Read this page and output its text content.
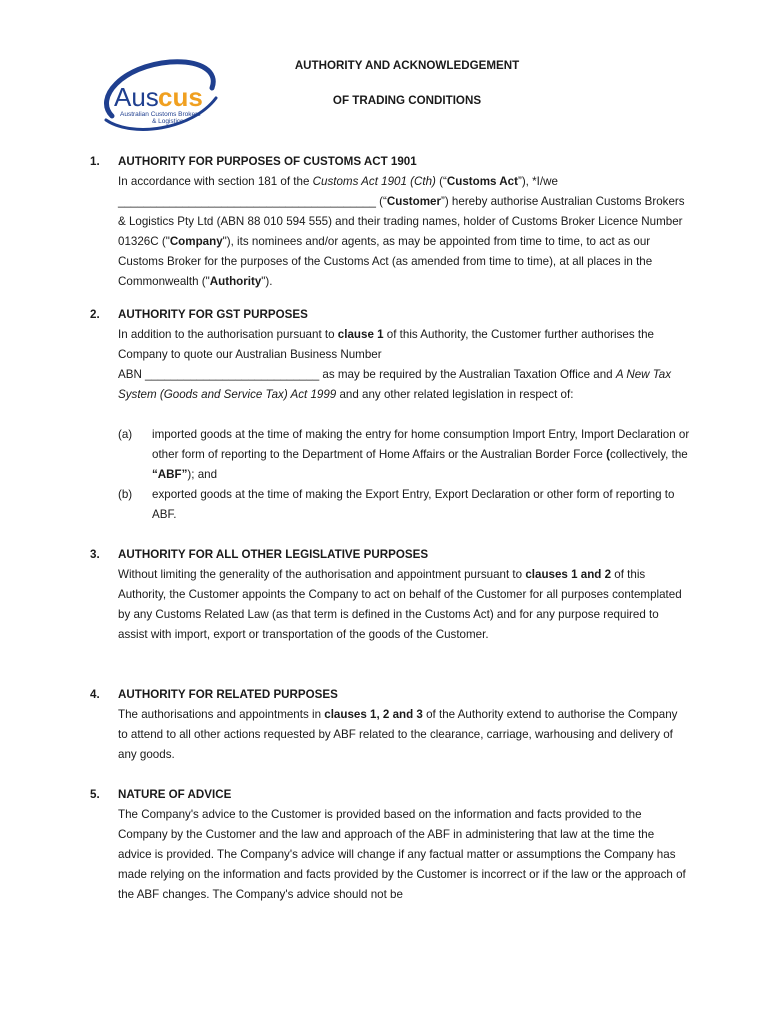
Aus cus
Australian Customs Brokers
& Logistics
AUTHORITY AND ACKNOWLEDGEMENT
OF TRADING CONDITIONS
1. AUTHORITY FOR PURPOSES OF CUSTOMS ACT 1901

In accordance with section 181 of the Customs Act 1901 (Cth) (“Customs Act”), *I/we ________________________________________ (“Customer”) hereby authorise Australian Customs Brokers & Logistics Pty Ltd (ABN 88 010 594 555) and their trading names, holder of Customs Broker Licence Number 01326C ("Company"), its nominees and/or agents, as may be appointed from time to time, to act as our Customs Broker for the purposes of the Customs Act (as amended from time to time), at all places in the Commonwealth ("Authority").

2. AUTHORITY FOR GST PURPOSES

In addition to the authorisation pursuant to clause 1 of this Authority, the Customer further authorises the Company to quote our Australian Business Number

ABN ___________________________ as may be required by the Australian Taxation Office and A New Tax System (Goods and Service Tax) Act 1999 and any other related legislation in respect of:

(a) imported goods at the time of making the entry for home consumption Import Entry, Import Declaration or other form of reporting to the Department of Home Affairs or the Australian Border Force (collectively, the “ABF”); and

(b) exported goods at the time of making the Export Entry, Export Declaration or other form of reporting to ABF.

3. AUTHORITY FOR ALL OTHER LEGISLATIVE PURPOSES

Without limiting the generality of the authorisation and appointment pursuant to clauses 1 and 2 of this Authority, the Customer appoints the Company to act on behalf of the Customer for all purposes contemplated by any Customs Related Law (as that term is defined in the Customs Act) and for any purpose required to assist with import, export or transportation of the goods of the Customer.

4. AUTHORITY FOR RELATED PURPOSES

The authorisations and appointments in clauses 1, 2 and 3 of the Authority extend to authorise the Company to attend to all other actions requested by ABF related to the clearance, carriage, warhousing and delivery of any goods.

5. NATURE OF ADVICE

The Company's advice to the Customer is provided based on the information and facts provided to the Company by the Customer and the law and approach of the ABF in administering that law at the time the advice is provided. The Company's advice will change if any factual matter or assumptions the Company has made relying on the information and facts provided by the Customer is incorrect or if the law or the approach of the ABF changes. The Company's advice should not be
